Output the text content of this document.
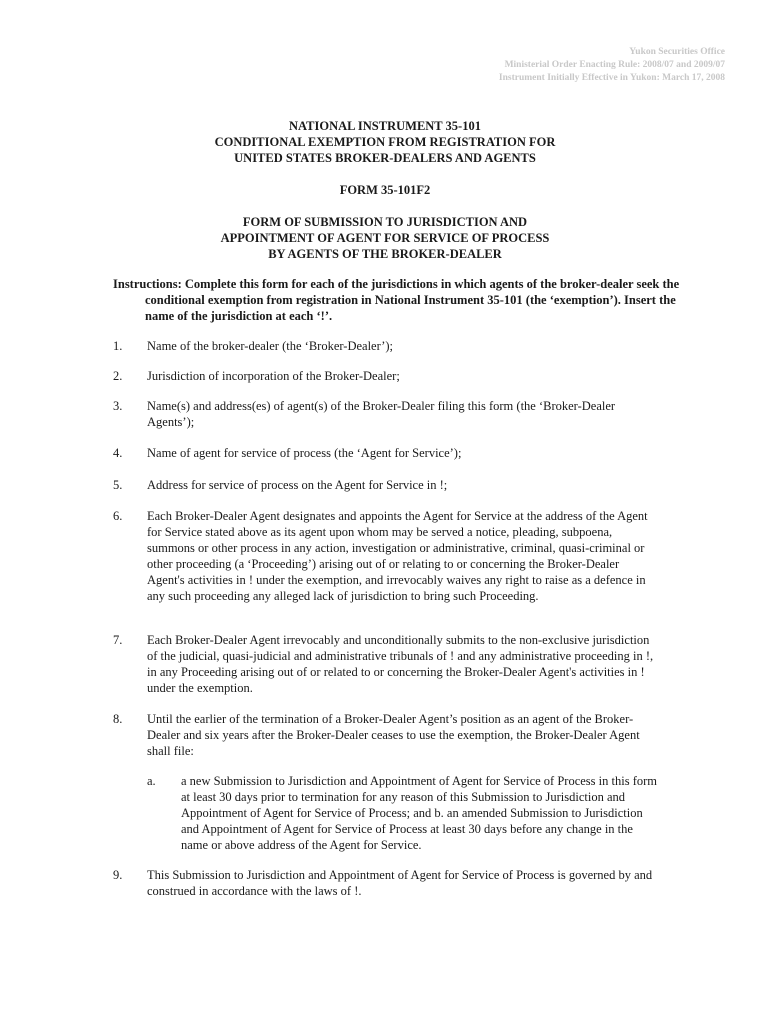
Yukon Securities Office
Ministerial Order Enacting Rule: 2008/07 and 2009/07
Instrument Initially Effective in Yukon: March 17, 2008
NATIONAL INSTRUMENT 35-101
CONDITIONAL EXEMPTION FROM REGISTRATION FOR
UNITED STATES BROKER-DEALERS AND AGENTS
FORM 35-101F2
FORM OF SUBMISSION TO JURISDICTION AND
APPOINTMENT OF AGENT FOR SERVICE OF PROCESS
BY AGENTS OF THE BROKER-DEALER
Instructions: Complete this form for each of the jurisdictions in which agents of the broker-dealer seek the conditional exemption from registration in National Instrument 35-101 (the ‘exemption’). Insert the name of the jurisdiction at each ‘!’.
1.	Name of the broker-dealer (the ‘Broker-Dealer’);
2.	Jurisdiction of incorporation of the Broker-Dealer;
3.	Name(s) and address(es) of agent(s) of the Broker-Dealer filing this form (the ‘Broker-Dealer Agents’);
4.	Name of agent for service of process (the ‘Agent for Service’);
5.	Address for service of process on the Agent for Service in !;
6.	Each Broker-Dealer Agent designates and appoints the Agent for Service at the address of the Agent for Service stated above as its agent upon whom may be served a notice, pleading, subpoena, summons or other process in any action, investigation or administrative, criminal, quasi-criminal or other proceeding (a ‘Proceeding’) arising out of or relating to or concerning the Broker-Dealer Agent's activities in ! under the exemption, and irrevocably waives any right to raise as a defence in any such proceeding any alleged lack of jurisdiction to bring such Proceeding.
7.	Each Broker-Dealer Agent irrevocably and unconditionally submits to the non-exclusive jurisdiction of the judicial, quasi-judicial and administrative tribunals of ! and any administrative proceeding in !, in any Proceeding arising out of or related to or concerning the Broker-Dealer Agent's activities in ! under the exemption.
8.	Until the earlier of the termination of a Broker-Dealer Agent’s position as an agent of the Broker- Dealer and six years after the Broker-Dealer ceases to use the exemption, the Broker-Dealer Agent shall file:
a.	a new Submission to Jurisdiction and Appointment of Agent for Service of Process in this form at least 30 days prior to termination for any reason of this Submission to Jurisdiction and Appointment of Agent for Service of Process; and b. an amended Submission to Jurisdiction and Appointment of Agent for Service of Process at least 30 days before any change in the name or above address of the Agent for Service.
9.	This Submission to Jurisdiction and Appointment of Agent for Service of Process is governed by and construed in accordance with the laws of !.
